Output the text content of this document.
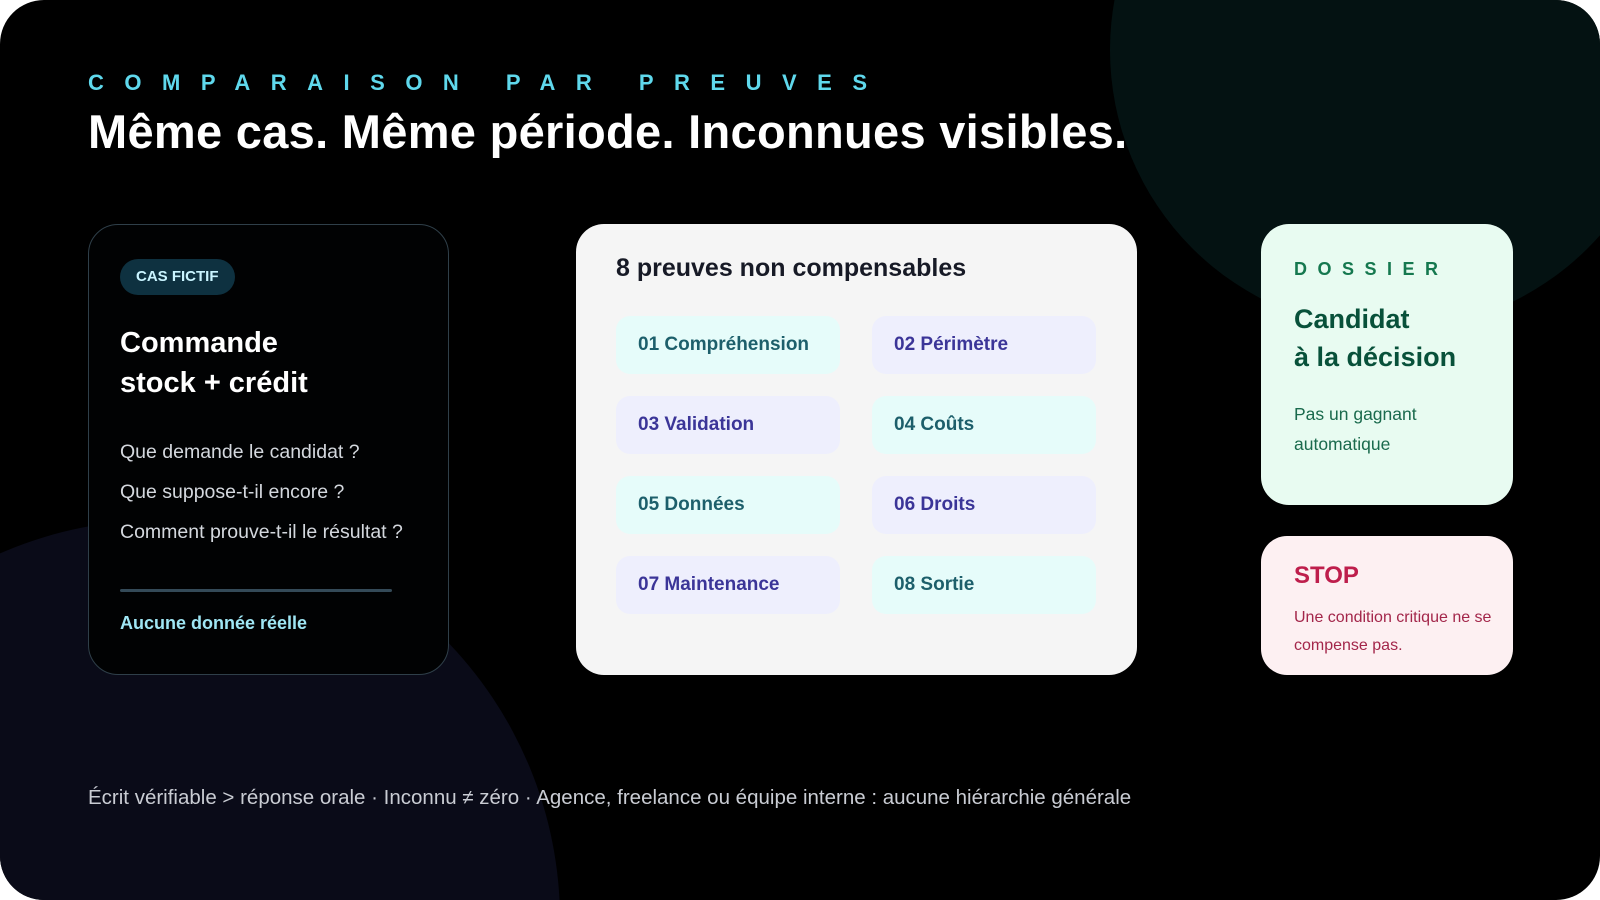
COMPARAISON PAR PREUVES
Même cas. Même période. Inconnues visibles.
CAS FICTIF
Commande
stock + crédit
Que demande le candidat ?
Que suppose-t-il encore ?
Comment prouve-t-il le résultat ?
Aucune donnée réelle
8 preuves non compensables
01 Compréhension	02 Périmètre
03 Validation	04 Coûts
05 Données	06 Droits
07 Maintenance	08 Sortie
DOSSIER
Candidat
à la décision

Pas un gagnant automatique

STOP

Une condition critique ne se compense pas.

Écrit vérifiable > réponse orale · Inconnu ≠ zéro · Agence, freelance ou équipe interne : aucune hiérarchie générale
